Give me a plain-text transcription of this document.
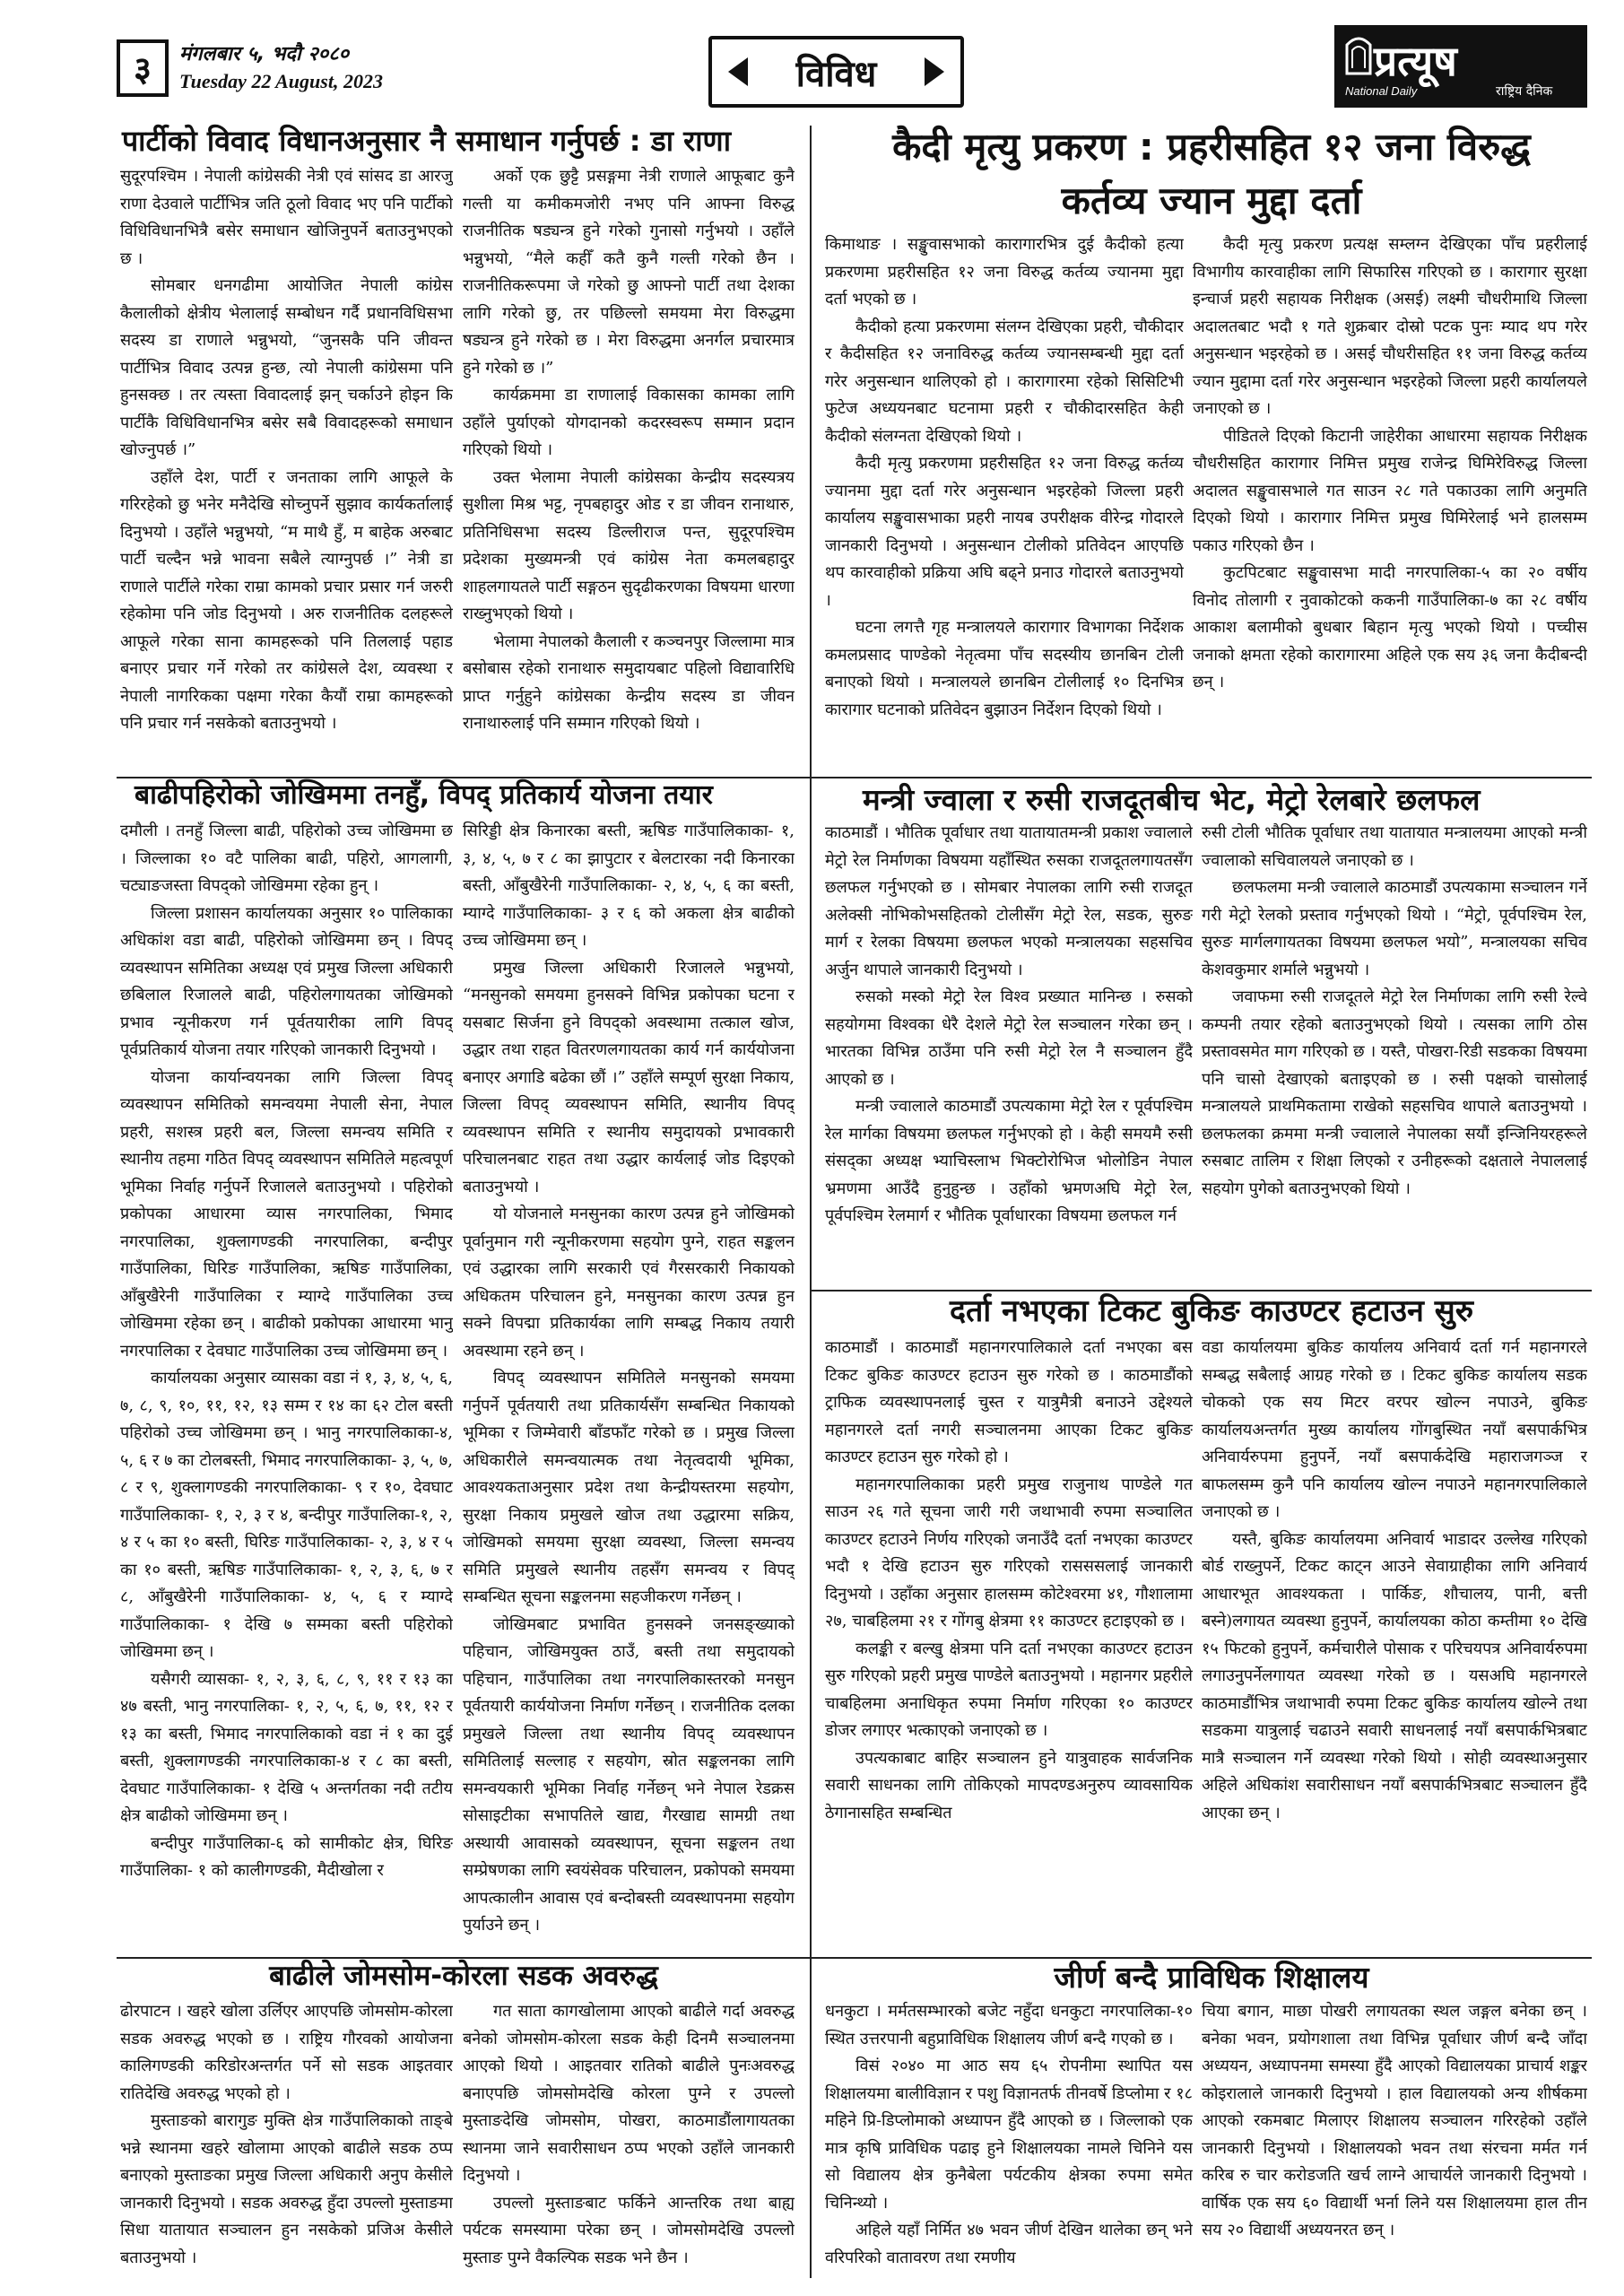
३	मंगलबार ५, भदौ २०८०
Tuesday 22 August, 2023	विविध	प्रत्यूष
National Daily	राष्ट्रिय दैनिक
पार्टीको विवाद विधानअनुसार नै समाधान गर्नुपर्छ : डा राणा

सुदूरपश्चिम । नेपाली कांग्रेसकी नेत्री एवं सांसद डा आरजु राणा देउवाले पार्टीभित्र जति ठूलो विवाद भए पनि पार्टीको विधिविधानभित्रै बसेर समाधान खोजिनुपर्ने बताउनुभएको छ ।

सोमबार धनगढीमा आयोजित नेपाली कांग्रेस कैलालीको क्षेत्रीय भेलालाई सम्बोधन गर्दै प्रधानविधिसभा सदस्य डा राणाले भन्नुभयो, “जुनसकै पनि जीवन्त पार्टीभित्र विवाद उत्पन्न हुन्छ, त्यो नेपाली कांग्रेसमा पनि हुनसक्छ । तर त्यस्ता विवादलाई झन् चर्काउने होइन कि पार्टीकै विधिविधानभित्र बसेर सबै विवादहरूको समाधान खोज्नुपर्छ ।”

उहाँले देश, पार्टी र जनताका लागि आफूले के गरिरहेको छु भनेर मनैदेखि सोच्नुपर्ने सुझाव कार्यकर्तालाई दिनुभयो । उहाँले भन्नुभयो, “म माथै हुँ, म बाहेक अरुबाट पार्टी चल्दैन भन्ने भावना सबैले त्याग्नुपर्छ ।” नेत्री डा राणाले पार्टीले गरेका राम्रा कामको प्रचार प्रसार गर्न जरुरी रहेकोमा पनि जोड दिनुभयो । अरु राजनीतिक दलहरूले आफूले गरेका साना कामहरूको पनि तिललाई पहाड बनाएर प्रचार गर्ने गरेको तर कांग्रेसले देश, व्यवस्था र नेपाली नागरिकका पक्षमा गरेका कैयौं राम्रा कामहरूको पनि प्रचार गर्न नसकेको बताउनुभयो ।

अर्को एक छुट्टै प्रसङ्गमा नेत्री राणाले आफूबाट कुनै गल्ती या कमीकमजोरी नभए पनि आफ्ना विरुद्ध राजनीतिक षड्यन्त्र हुने गरेको गुनासो गर्नुभयो । उहाँले भन्नुभयो, “मैले कहीँ कतै कुनै गल्ती गरेको छैन । राजनीतिकरूपमा जे गरेको छु आफ्नो पार्टी तथा देशका लागि गरेको छु, तर पछिल्लो समयमा मेरा विरुद्धमा षड्यन्त्र हुने गरेको छ । मेरा विरुद्धमा अनर्गल प्रचारमात्र हुने गरेको छ ।”

कार्यक्रममा डा राणालाई विकासका कामका लागि उहाँले पुर्याएको योगदानको कदरस्वरूप सम्मान प्रदान गरिएको थियो ।

उक्त भेलामा नेपाली कांग्रेसका केन्द्रीय सदस्यत्रय सुशीला मिश्र भट्ट, नृपबहादुर ओड र डा जीवन रानाथारु, प्रतिनिधिसभा सदस्य डिल्लीराज पन्त, सुदूरपश्चिम प्रदेशका मुख्यमन्त्री एवं कांग्रेस नेता कमलबहादुर शाहलगायतले पार्टी सङ्गठन सुदृढीकरणका विषयमा धारणा राख्नुभएको थियो ।

भेलामा नेपालको कैलाली र कञ्चनपुर जिल्लामा मात्र बसोबास रहेको रानाथारु समुदायबाट पहिलो विद्यावारिधि प्राप्त गर्नुहुने कांग्रेसका केन्द्रीय सदस्य डा जीवन रानाथारुलाई पनि सम्मान गरिएको थियो ।

कैदी मृत्यु प्रकरण : प्रहरीसहित १२ जना विरुद्ध
कर्तव्य ज्यान मुद्दा दर्ता

किमाथाङ । सङ्खुवासभाको कारागारभित्र दुई कैदीको हत्या प्रकरणमा प्रहरीसहित १२ जना विरुद्ध कर्तव्य ज्यानमा मुद्दा दर्ता भएको छ ।

कैदीको हत्या प्रकरणमा संलग्न देखिएका प्रहरी, चौकीदार र कैदीसहित १२ जनाविरुद्ध कर्तव्य ज्यानसम्बन्धी मुद्दा दर्ता गरेर अनुसन्धान थालिएको हो । कारागारमा रहेको सिसिटिभी फुटेज अध्ययनबाट घटनामा प्रहरी र चौकीदारसहित केही कैदीको संलग्नता देखिएको थियो ।

कैदी मृत्यु प्रकरणमा प्रहरीसहित १२ जना विरुद्ध कर्तव्य ज्यानमा मुद्दा दर्ता गरेर अनुसन्धान भइरहेको जिल्ला प्रहरी कार्यालय सङ्खुवासभाका प्रहरी नायब उपरीक्षक वीरेन्द्र गोदारले जानकारी दिनुभयो । अनुसन्धान टोलीको प्रतिवेदन आएपछि थप कारवाहीको प्रक्रिया अघि बढ्ने प्रनाउ गोदारले बताउनुभयो ।

घटना लगत्तै गृह मन्त्रालयले कारागार विभागका निर्देशक कमलप्रसाद पाण्डेको नेतृत्वमा पाँच सदस्यीय छानबिन टोली बनाएको थियो । मन्त्रालयले छानबिन टोलीलाई १० दिनभित्र कारागार घटनाको प्रतिवेदन बुझाउन निर्देशन दिएको थियो ।

कैदी मृत्यु प्रकरण प्रत्यक्ष सम्लग्न देखिएका पाँच प्रहरीलाई विभागीय कारवाहीका लागि सिफारिस गरिएको छ । कारागार सुरक्षा इन्चार्ज प्रहरी सहायक निरीक्षक (असई) लक्ष्मी चौधरीमाथि जिल्ला अदालतबाट भदौ १ गते शुक्रबार दोस्रो पटक पुनः म्याद थप गरेर अनुसन्धान भइरहेको छ । असई चौधरीसहित ११ जना विरुद्ध कर्तव्य ज्यान मुद्दामा दर्ता गरेर अनुसन्धान भइरहेको जिल्ला प्रहरी कार्यालयले जनाएको छ ।

पीडितले दिएको किटानी जाहेरीका आधारमा सहायक निरीक्षक चौधरीसहित कारागार निमित्त प्रमुख राजेन्द्र घिमिरेविरुद्ध जिल्ला अदालत सङ्खुवासभाले गत साउन २८ गते पकाउका लागि अनुमति दिएको थियो । कारागार निमित्त प्रमुख घिमिरेलाई भने हालसम्म पकाउ गरिएको छैन ।

कुटपिटबाट सङ्खुवासभा मादी नगरपालिका-५ का २० वर्षीय विनोद तोलागी र नुवाकोटको ककनी गाउँपालिका-७ का २८ वर्षीय आकाश बलामीको बुधबार बिहान मृत्यु भएको थियो । पच्चीस जनाको क्षमता रहेको कारागारमा अहिले एक सय ३६ जना कैदीबन्दी छन् ।

बाढीपहिरोको जोखिममा तनहुँ, विपद् प्रतिकार्य योजना तयार

दमौली । तनहुँ जिल्ला बाढी, पहिरोको उच्च जोखिममा छ । जिल्लाका १० वटै पालिका बाढी, पहिरो, आगलागी, चट्याङजस्ता विपद्को जोखिममा रहेका हुन् ।

जिल्ला प्रशासन कार्यालयका अनुसार १० पालिकाका अधिकांश वडा बाढी, पहिरोको जोखिममा छन् । विपद् व्यवस्थापन समितिका अध्यक्ष एवं प्रमुख जिल्ला अधिकारी छबिलाल रिजालले बाढी, पहिरोलगायतका जोखिमको प्रभाव न्यूनीकरण गर्न पूर्वतयारीका लागि विपद् पूर्वप्रतिकार्य योजना तयार गरिएको जानकारी दिनुभयो ।

योजना कार्यान्वयनका लागि जिल्ला विपद् व्यवस्थापन समितिको समन्वयमा नेपाली सेना, नेपाल प्रहरी, सशस्त्र प्रहरी बल, जिल्ला समन्वय समिति र स्थानीय तहमा गठित विपद् व्यवस्थापन समितिले महत्वपूर्ण भूमिका निर्वाह गर्नुपर्ने रिजालले बताउनुभयो । पहिरोको प्रकोपका आधारमा व्यास नगरपालिका, भिमाद नगरपालिका, शुक्लागण्डकी नगरपालिका, बन्दीपुर गाउँपालिका, घिरिङ गाउँपालिका, ऋषिङ गाउँपालिका, आँबुखैरेनी गाउँपालिका र म्याग्दे गाउँपालिका उच्च जोखिममा रहेका छन् । बाढीको प्रकोपका आधारमा भानु नगरपालिका र देवघाट गाउँपालिका उच्च जोखिममा छन् ।

कार्यालयका अनुसार व्यासका वडा नं १, ३, ४, ५, ६, ७, ८, ९, १०, ११, १२, १३ सम्म र १४ का ६२ टोल बस्ती पहिरोको उच्च जोखिममा छन् । भानु नगरपालिकाका-४, ५, ६ र ७ का टोलबस्ती, भिमाद नगरपालिकाका- ३, ५, ७, ८ र ९, शुक्लागण्डकी नगरपालिकाका- ९ र १०, देवघाट गाउँपालिकाका- १, २, ३ र ४, बन्दीपुर गाउँपालिका-१, २, ४ र ५ का १० बस्ती, घिरिङ गाउँपालिकाका- २, ३, ४ र ५ का १० बस्ती, ऋषिङ गाउँपालिकाका- १, २, ३, ६, ७ र ८, आँबुखैरेनी गाउँपालिकाका- ४, ५, ६ र म्याग्दे गाउँपालिकाका- १ देखि ७ सम्मका बस्ती पहिरोको जोखिममा छन् ।

यसैगरी व्यासका- १, २, ३, ६, ८, ९, ११ र १३ का ४७ बस्ती, भानु नगरपालिका- १, २, ५, ६, ७, ११, १२ र १३ का बस्ती, भिमाद नगरपालिकाको वडा नं १ का दुई बस्ती, शुक्लागण्डकी नगरपालिकाका-४ र ८ का बस्ती, देवघाट गाउँपालिकाका- १ देखि ५ अन्तर्गतका नदी तटीय क्षेत्र बाढीको जोखिममा छन् ।

बन्दीपुर गाउँपालिका-६ को सामीकोट क्षेत्र, घिरिङ गाउँपालिका- १ को कालीगण्डकी, मैदीखोला र

सिरिड्डी क्षेत्र किनारका बस्ती, ऋषिङ गाउँपालिकाका- १, ३, ४, ५, ७ र ८ का झापुटार र बेलटारका नदी किनारका बस्ती, आँबुखैरेनी गाउँपालिकाका- २, ४, ५, ६ का बस्ती, म्याग्दे गाउँपालिकाका- ३ र ६ को अकला क्षेत्र बाढीको उच्च जोखिममा छन् ।

प्रमुख जिल्ला अधिकारी रिजालले भन्नुभयो, “मनसुनको समयमा हुनसक्ने विभिन्न प्रकोपका घटना र यसबाट सिर्जना हुने विपद्को अवस्थामा तत्काल खोज, उद्धार तथा राहत वितरणलगायतका कार्य गर्न कार्ययोजना बनाएर अगाडि बढेका छौं ।” उहाँले सम्पूर्ण सुरक्षा निकाय, जिल्ला विपद् व्यवस्थापन समिति, स्थानीय विपद् व्यवस्थापन समिति र स्थानीय समुदायको प्रभावकारी परिचालनबाट राहत तथा उद्धार कार्यलाई जोड दिइएको बताउनुभयो ।

यो योजनाले मनसुनका कारण उत्पन्न हुने जोखिमको पूर्वानुमान गरी न्यूनीकरणमा सहयोग पुग्ने, राहत सङ्कलन एवं उद्धारका लागि सरकारी एवं गैरसरकारी निकायको अधिकतम परिचालन हुने, मनसुनका कारण उत्पन्न हुन सक्ने विपद्मा प्रतिकार्यका लागि सम्बद्ध निकाय तयारी अवस्थामा रहने छन् ।

विपद् व्यवस्थापन समितिले मनसुनको समयमा गर्नुपर्ने पूर्वतयारी तथा प्रतिकार्यसँग सम्बन्धित निकायको भूमिका र जिम्मेवारी बाँडफाँट गरेको छ । प्रमुख जिल्ला अधिकारीले समन्वयात्मक तथा नेतृत्वदायी भूमिका, आवश्यकताअनुसार प्रदेश तथा केन्द्रीयस्तरमा सहयोग, सुरक्षा निकाय प्रमुखले खोज तथा उद्धारमा सक्रिय, जोखिमको समयमा सुरक्षा व्यवस्था, जिल्ला समन्वय समिति प्रमुखले स्थानीय तहसँग समन्वय र विपद् सम्बन्धित सूचना सङ्कलनमा सहजीकरण गर्नेछन् ।

जोखिमबाट प्रभावित हुनसक्ने जनसङ्ख्याको पहिचान, जोखिमयुक्त ठाउँ, बस्ती तथा समुदायको पहिचान, गाउँपालिका तथा नगरपालिकास्तरको मनसुन पूर्वतयारी कार्ययोजना निर्माण गर्नेछन् । राजनीतिक दलका प्रमुखले जिल्ला तथा स्थानीय विपद् व्यवस्थापन समितिलाई सल्लाह र सहयोग, स्रोत सङ्कलनका लागि समन्वयकारी भूमिका निर्वाह गर्नेछन् भने नेपाल रेडक्रस सोसाइटीका सभापतिले खाद्य, गैरखाद्य सामग्री तथा अस्थायी आवासको व्यवस्थापन, सूचना सङ्कलन तथा सम्प्रेषणका लागि स्वयंसेवक परिचालन, प्रकोपको समयमा आपत्कालीन आवास एवं बन्दोबस्ती व्यवस्थापनमा सहयोग पुर्याउने छन् ।

मन्त्री ज्वाला र रुसी राजदूतबीच भेट, मेट्रो रेलबारे छलफल

काठमाडौं । भौतिक पूर्वाधार तथा यातायातमन्त्री प्रकाश ज्वालाले मेट्रो रेल निर्माणका विषयमा यहाँस्थित रुसका राजदूतलगायतसँग छलफल गर्नुभएको छ । सोमबार नेपालका लागि रुसी राजदूत अलेक्सी नोभिकोभसहितको टोलीसँग मेट्रो रेल, सडक, सुरुङ मार्ग र रेलका विषयमा छलफल भएको मन्त्रालयका सहसचिव अर्जुन थापाले जानकारी दिनुभयो ।

रुसको मस्को मेट्रो रेल विश्व प्रख्यात मानिन्छ । रुसको सहयोगमा विश्वका धेरै देशले मेट्रो रेल सञ्चालन गरेका छन् । भारतका विभिन्न ठाउँमा पनि रुसी मेट्रो रेल नै सञ्चालन हुँदै आएको छ ।

मन्त्री ज्वालाले काठमाडौं उपत्यकामा मेट्रो रेल र पूर्वपश्चिम रेल मार्गका विषयमा छलफल गर्नुभएको हो । केही समयमै रुसी संसद्का अध्यक्ष भ्याचिस्लाभ भिक्टोरोभिज भोलोडिन नेपाल भ्रमणमा आउँदै हुनुहुन्छ । उहाँको भ्रमणअघि मेट्रो रेल, पूर्वपश्चिम रेलमार्ग र भौतिक पूर्वाधारका विषयमा छलफल गर्न

रुसी टोली भौतिक पूर्वाधार तथा यातायात मन्त्रालयमा आएको मन्त्री ज्वालाको सचिवालयले जनाएको छ ।

छलफलमा मन्त्री ज्वालाले काठमाडौं उपत्यकामा सञ्चालन गर्ने गरी मेट्रो रेलको प्रस्ताव गर्नुभएको थियो । “मेट्रो, पूर्वपश्चिम रेल, सुरुङ मार्गलगायतका विषयमा छलफल भयो”, मन्त्रालयका सचिव केशवकुमार शर्माले भन्नुभयो ।

जवाफमा रुसी राजदूतले मेट्रो रेल निर्माणका लागि रुसी रेल्वे कम्पनी तयार रहेको बताउनुभएको थियो । त्यसका लागि ठोस प्रस्तावसमेत माग गरिएको छ । यस्तै, पोखरा-रिडी सडकका विषयमा पनि चासो देखाएको बताइएको छ । रुसी पक्षको चासोलाई मन्त्रालयले प्राथमिकतामा राखेको सहसचिव थापाले बताउनुभयो । छलफलका क्रममा मन्त्री ज्वालाले नेपालका सयौं इन्जिनियरहरूले रुसबाट तालिम र शिक्षा लिएको र उनीहरूको दक्षताले नेपाललाई सहयोग पुगेको बताउनुभएको थियो ।

दर्ता नभएका टिकट बुकिङ काउण्टर हटाउन सुरु

काठमाडौं । काठमाडौं महानगरपालिकाले दर्ता नभएका बस टिकट बुकिङ काउण्टर हटाउन सुरु गरेको छ । काठमाडौंको ट्राफिक व्यवस्थापनलाई चुस्त र यात्रुमैत्री बनाउने उद्देश्यले महानगरले दर्ता नगरी सञ्चालनमा आएका टिकट बुकिङ काउण्टर हटाउन सुरु गरेको हो ।

महानगरपालिकाका प्रहरी प्रमुख राजुनाथ पाण्डेले गत साउन २६ गते सूचना जारी गरी जथाभावी रुपमा सञ्चालित काउण्टर हटाउने निर्णय गरिएको जनाउँदै दर्ता नभएका काउण्टर भदौ १ देखि हटाउन सुरु गरिएको रासससलाई जानकारी दिनुभयो । उहाँका अनुसार हालसम्म कोटेश्वरमा ४१, गौशालामा २७, चाबहिलमा २१ र गोंगबु क्षेत्रमा ११ काउण्टर हटाइएको छ ।

कलङ्की र बल्खु क्षेत्रमा पनि दर्ता नभएका काउण्टर हटाउन सुरु गरिएको प्रहरी प्रमुख पाण्डेले बताउनुभयो । महानगर प्रहरीले चाबहिलमा अनाधिकृत रुपमा निर्माण गरिएका १० काउण्टर डोजर लगाएर भत्काएको जनाएको छ ।

उपत्यकाबाट बाहिर सञ्चालन हुने यात्रुवाहक सार्वजनिक सवारी साधनका लागि तोकिएको मापदण्डअनुरुप व्यावसायिक ठेगानासहित सम्बन्धित

वडा कार्यालयमा बुकिङ कार्यालय अनिवार्य दर्ता गर्न महानगरले सम्बद्ध सबैलाई आग्रह गरेको छ । टिकट बुकिङ कार्यालय सडक चोकको एक सय मिटर वरपर खोल्न नपाउने, बुकिङ कार्यालयअन्तर्गत मुख्य कार्यालय गोंगबुस्थित नयाँ बसपार्कभित्र अनिवार्यरुपमा हुनुपर्ने, नयाँ बसपार्कदेखि महाराजगञ्ज र बाफलसम्म कुनै पनि कार्यालय खोल्न नपाउने महानगरपालिकाले जनाएको छ ।

यस्तै, बुकिङ कार्यालयमा अनिवार्य भाडादर उल्लेख गरिएको बोर्ड राख्नुपर्ने, टिकट काट्न आउने सेवाग्राहीका लागि अनिवार्य आधारभूत आवश्यकता । पार्किङ, शौचालय, पानी, बत्ती बस्ने)लगायत व्यवस्था हुनुपर्ने, कार्यालयका कोठा कम्तीमा १० देखि १५ फिटको हुनुपर्ने, कर्मचारीले पोसाक र परिचयपत्र अनिवार्यरुपमा लगाउनुपर्नेलगायत व्यवस्था गरेको छ । यसअघि महानगरले काठमाडौंभित्र जथाभावी रुपमा टिकट बुकिङ कार्यालय खोल्ने तथा सडकमा यात्रुलाई चढाउने सवारी साधनलाई नयाँ बसपार्कभित्रबाट मात्रै सञ्चालन गर्ने व्यवस्था गरेको थियो । सोही व्यवस्थाअनुसार अहिले अधिकांश सवारीसाधन नयाँ बसपार्कभित्रबाट सञ्चालन हुँदै आएका छन् ।

बाढीले जोमसोम-कोरला सडक अवरुद्ध

ढोरपाटन । खहरे खोला उर्लिएर आएपछि जोमसोम-कोरला सडक अवरुद्ध भएको छ । राष्ट्रिय गौरवको आयोजना कालिगण्डकी करिडोरअन्तर्गत पर्ने सो सडक आइतवार रातिदेखि अवरुद्ध भएको हो ।

मुस्ताङको बारागुङ मुक्ति क्षेत्र गाउँपालिकाको ताङ्बे भन्ने स्थानमा खहरे खोलामा आएको बाढीले सडक ठप्प बनाएको मुस्ताङका प्रमुख जिल्ला अधिकारी अनुप केसीले जानकारी दिनुभयो । सडक अवरुद्ध हुँदा उपल्लो मुस्ताङमा सिधा यातायात सञ्चालन हुन नसकेको प्रजिअ केसीले बताउनुभयो ।

गत साता कागखोलामा आएको बाढीले गर्दा अवरुद्ध बनेको जोमसोम-कोरला सडक केही दिनमै सञ्चालनमा आएको थियो । आइतवार रातिको बाढीले पुनःअवरुद्ध बनाएपछि जोमसोमदेखि कोरला पुग्ने र उपल्लो मुस्ताङदेखि जोमसोम, पोखरा, काठमाडौंलागायतका स्थानमा जाने सवारीसाधन ठप्प भएको उहाँले जानकारी दिनुभयो ।

उपल्लो मुस्ताङबाट फर्किने आन्तरिक तथा बाह्य पर्यटक समस्यामा परेका छन् । जोमसोमदेखि उपल्लो मुस्ताङ पुग्ने वैकल्पिक सडक भने छैन ।

जीर्ण बन्दै प्राविधिक शिक्षालय

धनकुटा । मर्मतसम्भारको बजेट नहुँदा धनकुटा नगरपालिका-१० स्थित उत्तरपानी बहुप्राविधिक शिक्षालय जीर्ण बन्दै गएको छ ।

विसं २०४० मा आठ सय ६५ रोपनीमा स्थापित यस शिक्षालयमा बालीविज्ञान र पशु विज्ञानतर्फ तीनवर्षे डिप्लोमा र १८ महिने प्रि-डिप्लोमाको अध्यापन हुँदै आएको छ । जिल्लाको एक मात्र कृषि प्राविधिक पढाइ हुने शिक्षालयका नामले चिनिने यस सो विद्यालय क्षेत्र कुनैबेला पर्यटकीय क्षेत्रका रुपमा समेत चिनिन्थ्यो ।

अहिले यहाँ निर्मित ४७ भवन जीर्ण देखिन थालेका छन् भने वरिपरिको वातावरण तथा रमणीय

चिया बगान, माछा पोखरी लगायतका स्थल जङ्गल बनेका छन् । बनेका भवन, प्रयोगशाला तथा विभिन्न पूर्वाधार जीर्ण बन्दै जाँदा अध्ययन, अध्यापनमा समस्या हुँदै आएको विद्यालयका प्राचार्य शङ्कर कोइरालाले जानकारी दिनुभयो । हाल विद्यालयको अन्य शीर्षकमा आएको रकमबाट मिलाएर शिक्षालय सञ्चालन गरिरहेको उहाँले जानकारी दिनुभयो । शिक्षालयको भवन तथा संरचना मर्मत गर्न करिब रु चार करोडजति खर्च लाग्ने आचार्यले जानकारी दिनुभयो । वार्षिक एक सय ६० विद्यार्थी भर्ना लिने यस शिक्षालयमा हाल तीन सय २० विद्यार्थी अध्ययनरत छन् ।
